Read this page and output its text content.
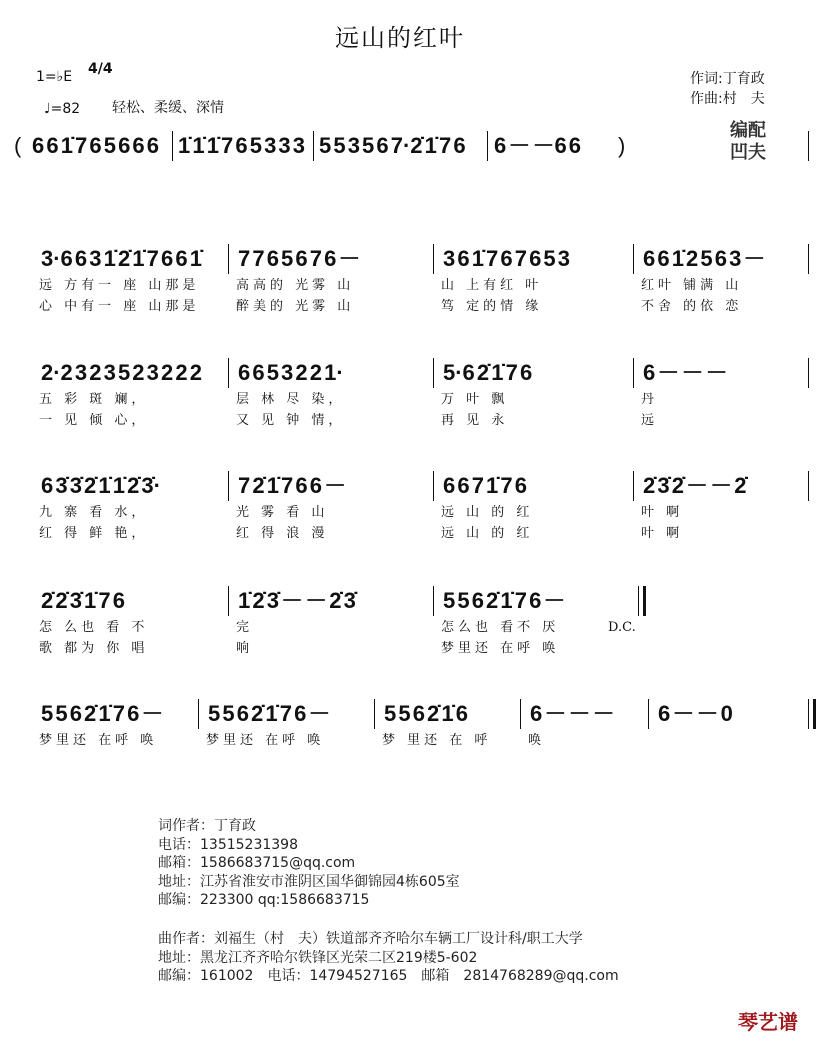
远山的红叶
1=♭E 4/4
♩=82 轻松、柔缓、深情
作词:丁育政
作曲:村　夫
编配 凹夫
( 6 6 1̇ 7 6 5 6 6 6 1̇ 1̇ 1̇ 7 6 5 3 3 3 5 5 3 5 6 7·2̇ 1̇ 7 6 6 － －6 6 )
3·6 6 3 1̇ 2̇ 1̇ 7 6 6 1̇
远 方有一 座 山那是
心 中有一 座 山那是
7 7 6 5 6 7 6 －
高高的 光雾 山
醉美的 光雾 山
3 6 1̇ 7 6 7 6 5 3
山 上有红 叶
笃 定的情 缘
6 6 1̇ 2 5 6 3 －
红叶 铺满 山
不舍 的依 恋
2·2 3 2 3 5 2 3 2 2 2
五 彩 斑 斓，
一 见 倾 心，
6 6 5 3 2 2 1·
层 林 尽 染，
又 见 钟 情，
5·6 2̇ 1̇ 7 6
万 叶 飘
再 见 永
6 － － －
丹
远
6 3̇ 3̇ 2̇ 1̇ 1̇ 2̇ 3̇·
九 寨 看 水，
红 得 鲜 艳，
7 2̇ 1̇ 7 6 6 －
光 雾 看 山
红 得 浪 漫
6 6 7 1̇ 7 6
远 山 的 红
远 山 的 红
2̇ 3̇ 2̇ － － 2̇
叶 啊
叶 啊
2̇ 2̇ 3̇ 1̇ 7 6
怎 么也 看 不
歌 都为 你 唱
1̇ 2̇ 3̇ － － 2̇ 3̇
完
响
5 5 6 2̇ 1̇ 7 6 －
怎么也 看不 厌
梦里还 在呼 唤
D.C.
5 5 6 2̇ 1̇ 7 6 －
梦里还 在呼 唤
5 5 6 2̇ 1̇ 7 6 －
梦里还 在呼 唤
5 5 6 2̇ 1̇ 6
梦 里还 在 呼
6 － － －
唤
6 － － 0
词作者：丁育政
电话：13515231398
邮箱：1586683715@qq.com
地址：江苏省淮安市淮阴区国华御锦园4栋605室
邮编：223300 qq:1586683715
曲作者：刘福生（村　夫）铁道部齐齐哈尔车辆工厂设计科/职工大学
地址：黑龙江齐齐哈尔铁锋区光荣二区219楼5-602
邮编：161002　电话：14794527165　邮箱　2814768289@qq.com
琴艺谱
